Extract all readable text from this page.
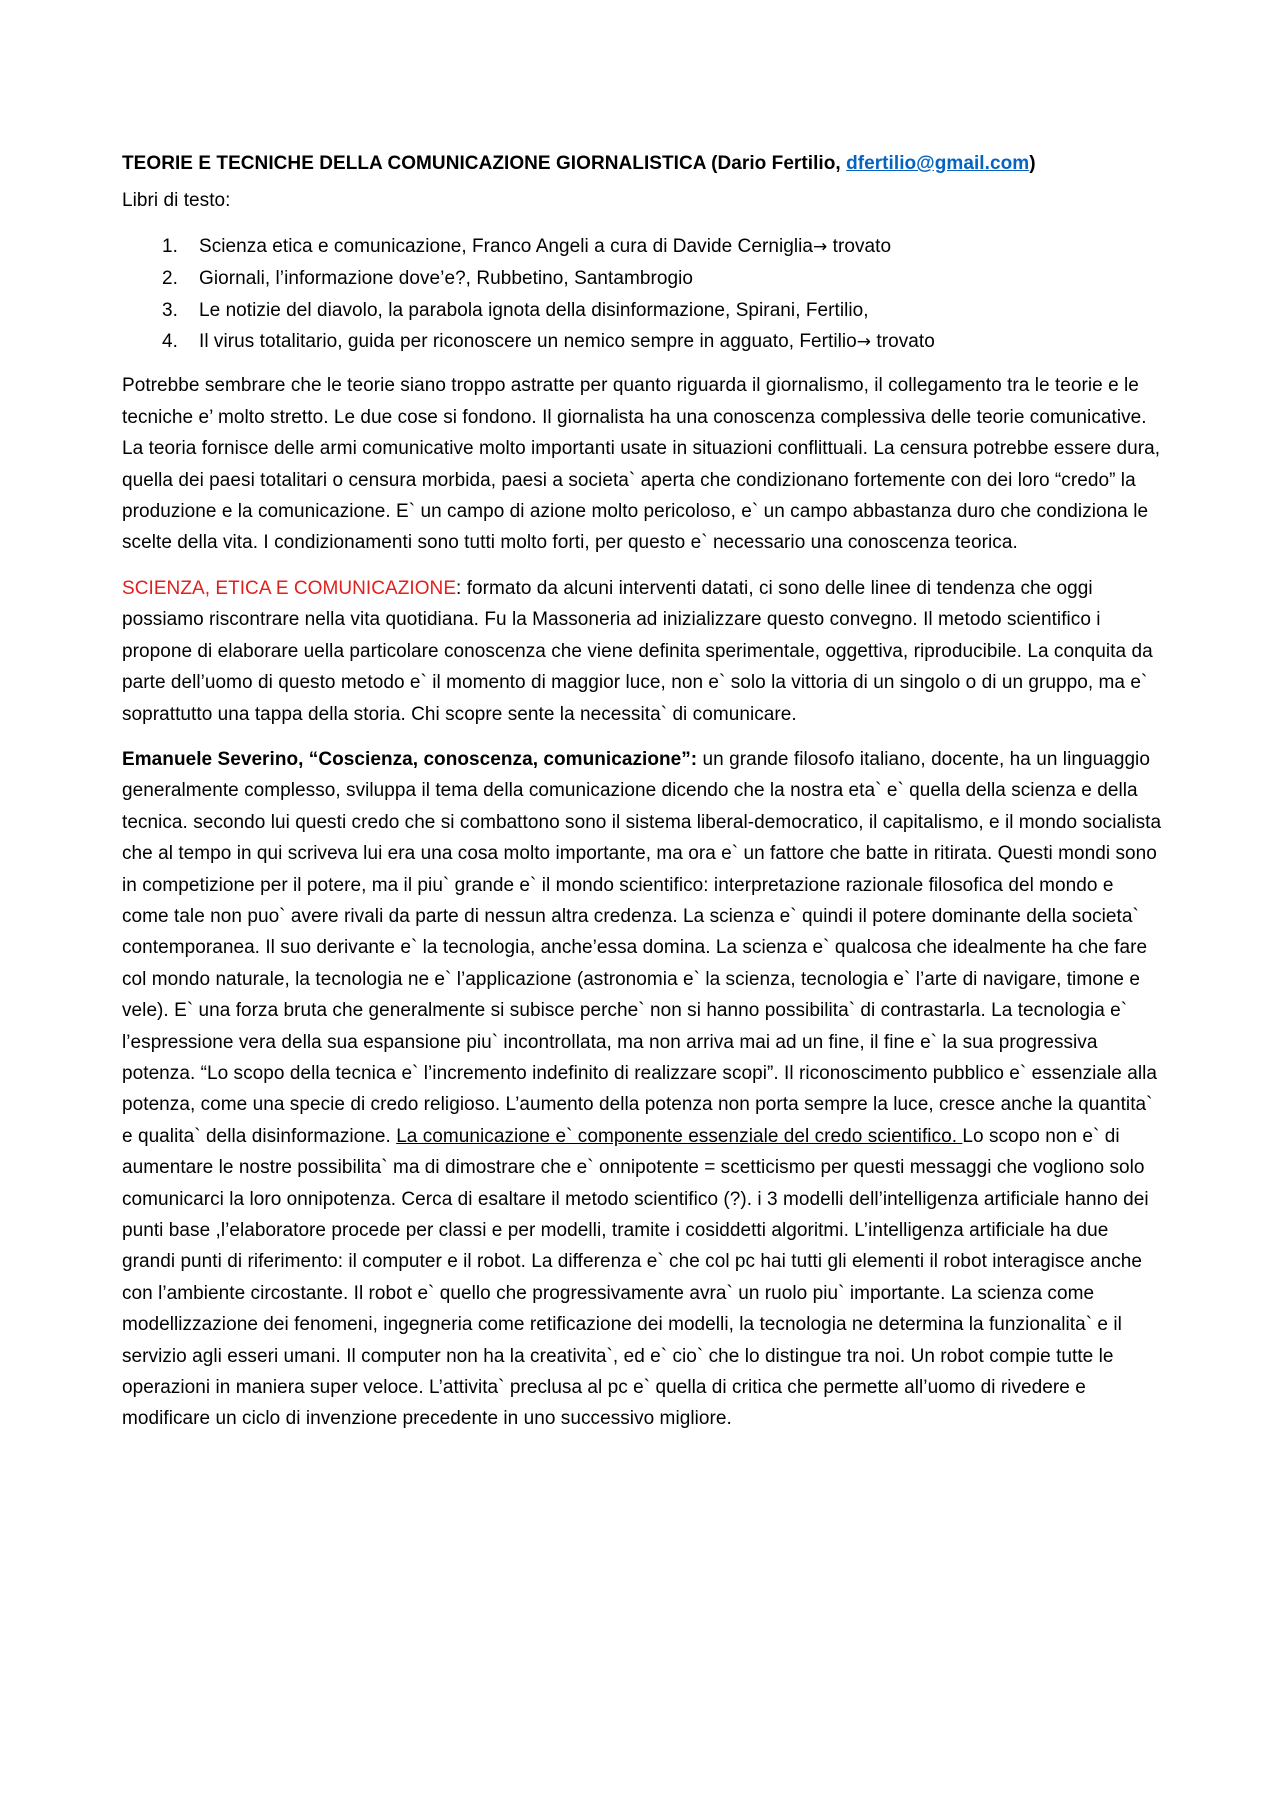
TEORIE E TECNICHE DELLA COMUNICAZIONE GIORNALISTICA (Dario Fertilio, dfertilio@gmail.com)

Libri di testo:

1. Scienza etica e comunicazione, Franco Angeli a cura di Davide Cerniglia→ trovato
2. Giornali, l’informazione dove’e?, Rubbetino, Santambrogio
3. Le notizie del diavolo, la parabola ignota della disinformazione, Spirani, Fertilio,
4. Il virus totalitario, guida per riconoscere un nemico sempre in agguato, Fertilio→ trovato

Potrebbe sembrare che le teorie siano troppo astratte per quanto riguarda il giornalismo, il collegamento tra le teorie e le tecniche e’ molto stretto. Le due cose si fondono. Il giornalista ha una conoscenza complessiva delle teorie comunicative. La teoria fornisce delle armi comunicative molto importanti usate in situazioni conflittuali. La censura potrebbe essere dura, quella dei paesi totalitari o censura morbida, paesi a societa` aperta che condizionano fortemente con dei loro “credo” la produzione e la comunicazione. E` un campo di azione molto pericoloso, e` un campo abbastanza duro che condiziona le scelte della vita. I condizionamenti sono tutti molto forti, per questo e` necessario una conoscenza teorica.

SCIENZA, ETICA E COMUNICAZIONE: formato da alcuni interventi datati, ci sono delle linee di tendenza che oggi possiamo riscontrare nella vita quotidiana. Fu la Massoneria ad inizializzare questo convegno. Il metodo scientifico i propone di elaborare uella particolare conoscenza che viene definita sperimentale, oggettiva, riproducibile. La conquita da parte dell’uomo di questo metodo e` il momento di maggior luce, non e` solo la vittoria di un singolo o di un gruppo, ma e` soprattutto una tappa della storia. Chi scopre sente la necessita` di comunicare.

Emanuele Severino, “Coscienza, conoscenza, comunicazione”: un grande filosofo italiano, docente, ha un linguaggio generalmente complesso, sviluppa il tema della comunicazione dicendo che la nostra eta` e` quella della scienza e della tecnica. secondo lui questi credo che si combattono sono il sistema liberal-democratico, il capitalismo, e il mondo socialista che al tempo in qui scriveva lui era una cosa molto importante, ma ora e` un fattore che batte in ritirata. Questi mondi sono in competizione per il potere, ma il piu` grande e` il mondo scientifico: interpretazione razionale filosofica del mondo e come tale non puo` avere rivali da parte di nessun altra credenza. La scienza e` quindi il potere dominante della societa` contemporanea. Il suo derivante e` la tecnologia, anche’essa domina. La scienza e` qualcosa che idealmente ha che fare col mondo naturale, la tecnologia ne e` l’applicazione (astronomia e` la scienza, tecnologia e` l’arte di navigare, timone e vele). E` una forza bruta che generalmente si subisce perche` non si hanno possibilita` di contrastarla. La tecnologia e` l’espressione vera della sua espansione piu` incontrollata, ma non arriva mai ad un fine, il fine e` la sua progressiva potenza. “Lo scopo della tecnica e` l’incremento indefinito di realizzare scopi”. Il riconoscimento pubblico e` essenziale alla potenza, come una specie di credo religioso. L’aumento della potenza non porta sempre la luce, cresce anche la quantita` e qualita` della disinformazione. La comunicazione e` componente essenziale del credo scientifico. Lo scopo non e` di aumentare le nostre possibilita` ma di dimostrare che e` onnipotente = scetticismo per questi messaggi che vogliono solo comunicarci la loro onnipotenza. Cerca di esaltare il metodo scientifico (?). i 3 modelli dell’intelligenza artificiale hanno dei punti base ,l’elaboratore procede per classi e per modelli, tramite i cosiddetti algoritmi. L’intelligenza artificiale ha due grandi punti di riferimento: il computer e il robot. La differenza e` che col pc hai tutti gli elementi il robot interagisce anche con l’ambiente circostante. Il robot e` quello che progressivamente avra` un ruolo piu` importante. La scienza come modellizzazione dei fenomeni, ingegneria come retificazione dei modelli, la tecnologia ne determina la funzionalita` e il servizio agli esseri umani. Il computer non ha la creativita`, ed e` cio` che lo distingue tra noi. Un robot compie tutte le operazioni in maniera super veloce. L’attivita` preclusa al pc e` quella di critica che permette all’uomo di rivedere e modificare un ciclo di invenzione precedente in uno successivo migliore.
